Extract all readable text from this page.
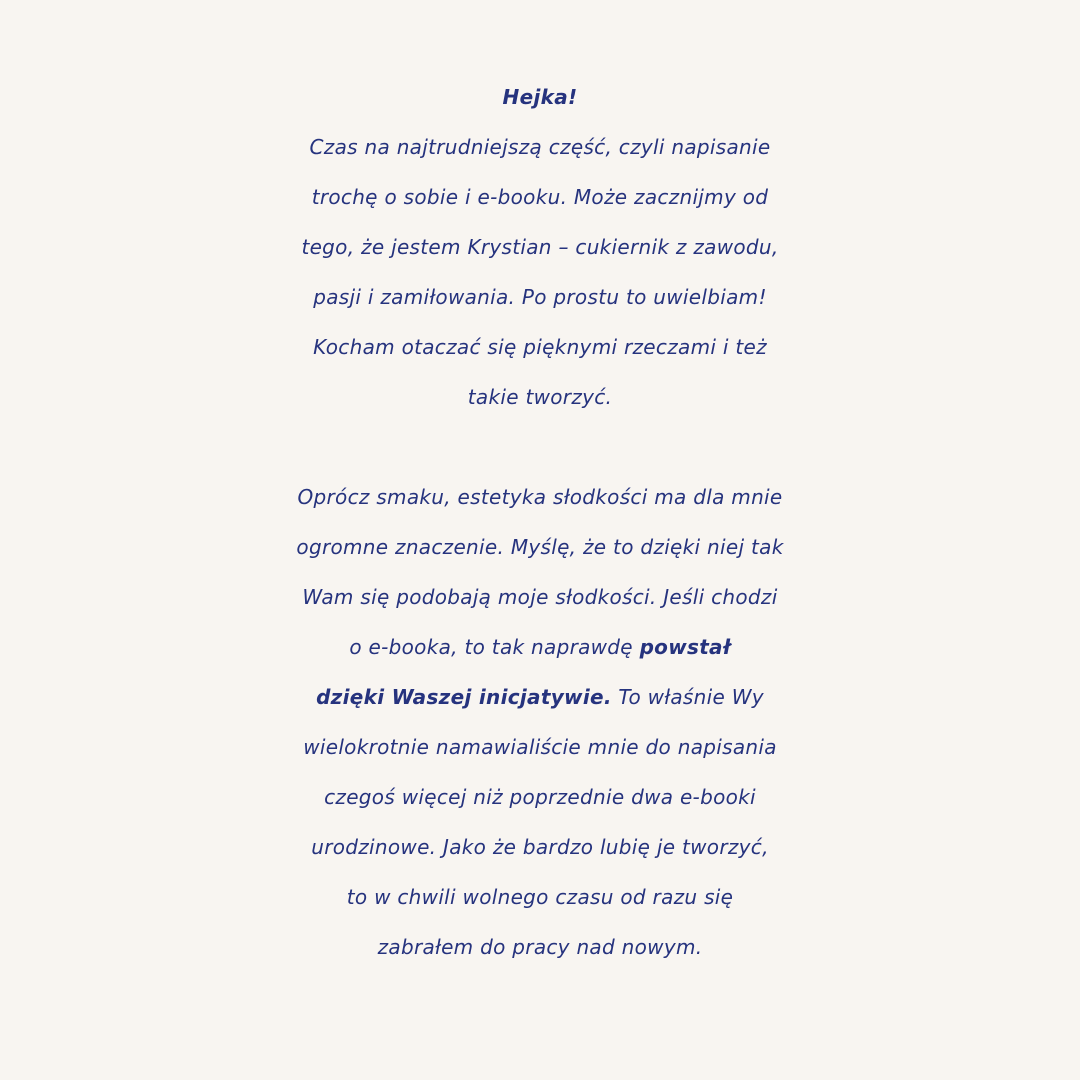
Hejka!
Czas na najtrudniejszą część, czyli napisanie
trochę o sobie i e-booku. Może zacznijmy od
tego, że jestem Krystian – cukiernik z zawodu,
pasji i zamiłowania. Po prostu to uwielbiam!
Kocham otaczać się pięknymi rzeczami i też
takie tworzyć.
Oprócz smaku, estetyka słodkości ma dla mnie
ogromne znaczenie. Myślę, że to dzięki niej tak
Wam się podobają moje słodkości. Jeśli chodzi
o e-booka, to tak naprawdę powstał
dzięki Waszej inicjatywie. To właśnie Wy
wielokrotnie namawialiście mnie do napisania
czegoś więcej niż poprzednie dwa e-booki
urodzinowe. Jako że bardzo lubię je tworzyć,
to w chwili wolnego czasu od razu się
zabrałem do pracy nad nowym.
